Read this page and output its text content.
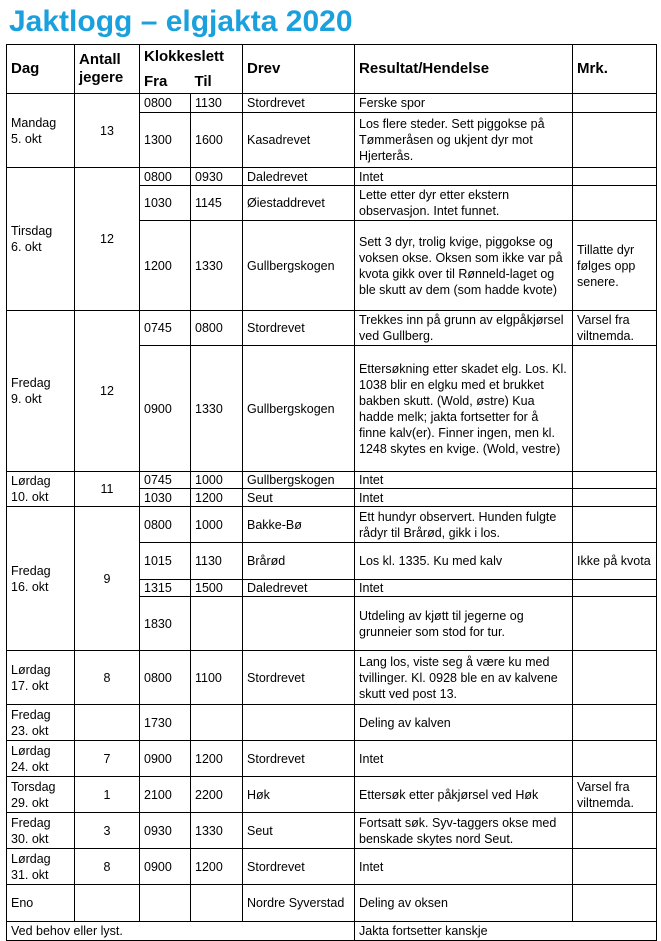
Jaktlogg – elgjakta 2020
Dag	Antall
jegere	Klokkeslett		Drev	Resultat/Hendelse	Mrk.
		Fra	Til			
Mandag
5. okt	13	0800	1130	Stordrevet	Ferske spor	
		1300	1600	Kasadrevet	Los flere steder. Sett piggokse på Tømmeråsen og ukjent dyr mot Hjerterås.	
Tirsdag
6. okt	12	0800	0930	Daledrevet	Intet	
		1030	1145	Øiestaddrevet	Lette etter dyr etter ekstern observasjon. Intet funnet.	
		1200	1330	Gullbergskogen	Sett 3 dyr, trolig kvige, piggokse og voksen okse. Oksen som ikke var på kvota gikk over til Rønneld-laget og ble skutt av dem (som hadde kvote)	Tillatte dyr følges opp senere.
Fredag
9. okt	12	0745	0800	Stordrevet	Trekkes inn på grunn av elgpåkjørsel ved Gullberg.	Varsel fra viltnemda.
		0900	1330	Gullbergskogen	Ettersøkning etter skadet elg. Los. Kl. 1038 blir en elgku med et brukket bakben skutt. (Wold, østre) Kua hadde melk; jakta fortsetter for å finne kalv(er). Finner ingen, men kl. 1248 skytes en kvige. (Wold, vestre)	
Lørdag
10. okt	11	0745	1000	Gullbergskogen	Intet	
		1030	1200	Seut	Intet	
Fredag
16. okt	9	0800	1000	Bakke-Bø	Ett hundyr observert. Hunden fulgte rådyr til Brårød, gikk i los.	
		1015	1130	Brårød	Los kl. 1335. Ku med kalv	Ikke på kvota
		1315	1500	Daledrevet	Intet	
		1830			Utdeling av kjøtt til jegerne og grunneier som stod for tur.	
Lørdag
17. okt	8	0800	1100	Stordrevet	Lang los, viste seg å være ku med tvillinger. Kl. 0928 ble en av kalvene skutt ved post 13.	
Fredag
23. okt		1730			Deling av kalven	
Lørdag
24. okt	7	0900	1200	Stordrevet	Intet	
Torsdag
29. okt	1	2100	2200	Høk	Ettersøk etter påkjørsel ved Høk	Varsel fra viltnemda.
Fredag
30. okt	3	0930	1330	Seut	Fortsatt søk. Syv-taggers okse med benskade skytes nord Seut.	
Lørdag
31. okt	8	0900	1200	Stordrevet	Intet	
Eno				Nordre Syverstad	Deling av oksen	
Ved behov eller lyst.					Jakta fortsetter kanskje	
